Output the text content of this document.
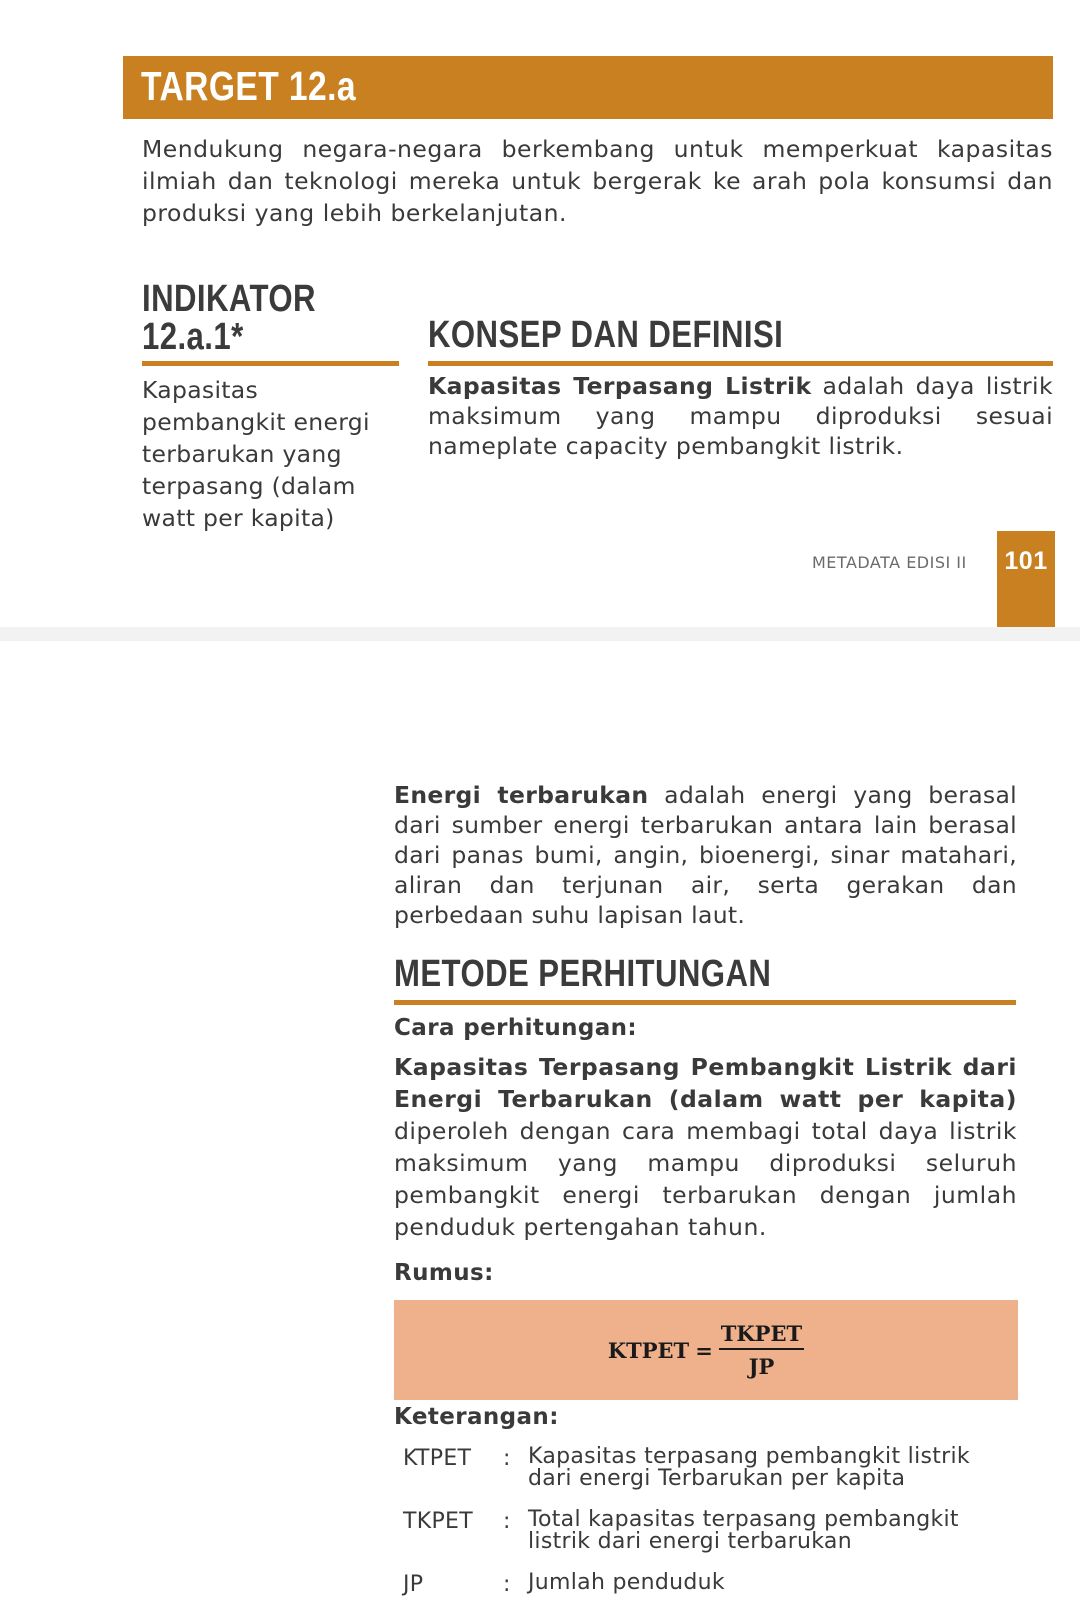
TARGET 12.a

Mendukung negara-negara berkembang untuk memperkuat kapasitas ilmiah dan teknologi mereka untuk bergerak ke arah pola konsumsi dan produksi yang lebih berkelanjutan.

INDIKATOR
12.a.1*

Kapasitas pembangkit energi terbarukan yang terpasang (dalam watt per kapita)

KONSEP DAN DEFINISI

Kapasitas Terpasang Listrik adalah daya listrik maksimum yang mampu diproduksi sesuai nameplate capacity pembangkit listrik.

METADATA EDISI II 101

Energi terbarukan adalah energi yang berasal dari sumber energi terbarukan antara lain berasal dari panas bumi, angin, bioenergi, sinar matahari, aliran dan terjunan air, serta gerakan dan perbedaan suhu lapisan laut.

METODE PERHITUNGAN
Cara perhitungan:

Kapasitas Terpasang Pembangkit Listrik dari Energi Terbarukan (dalam watt per kapita) diperoleh dengan cara membagi total daya listrik maksimum yang mampu diproduksi seluruh pembangkit energi terbarukan dengan jumlah penduduk pertengahan tahun.

Rumus:
KTPET = $\frac{\text{TKPET}}{JP}$
Keterangan:
KTPET : Kapasitas terpasang pembangkit listrik dari energi Terbarukan per kapita
TKPET : Total kapasitas terpasang pembangkit listrik dari energi terbarukan
JP	: Jumlah penduduk
